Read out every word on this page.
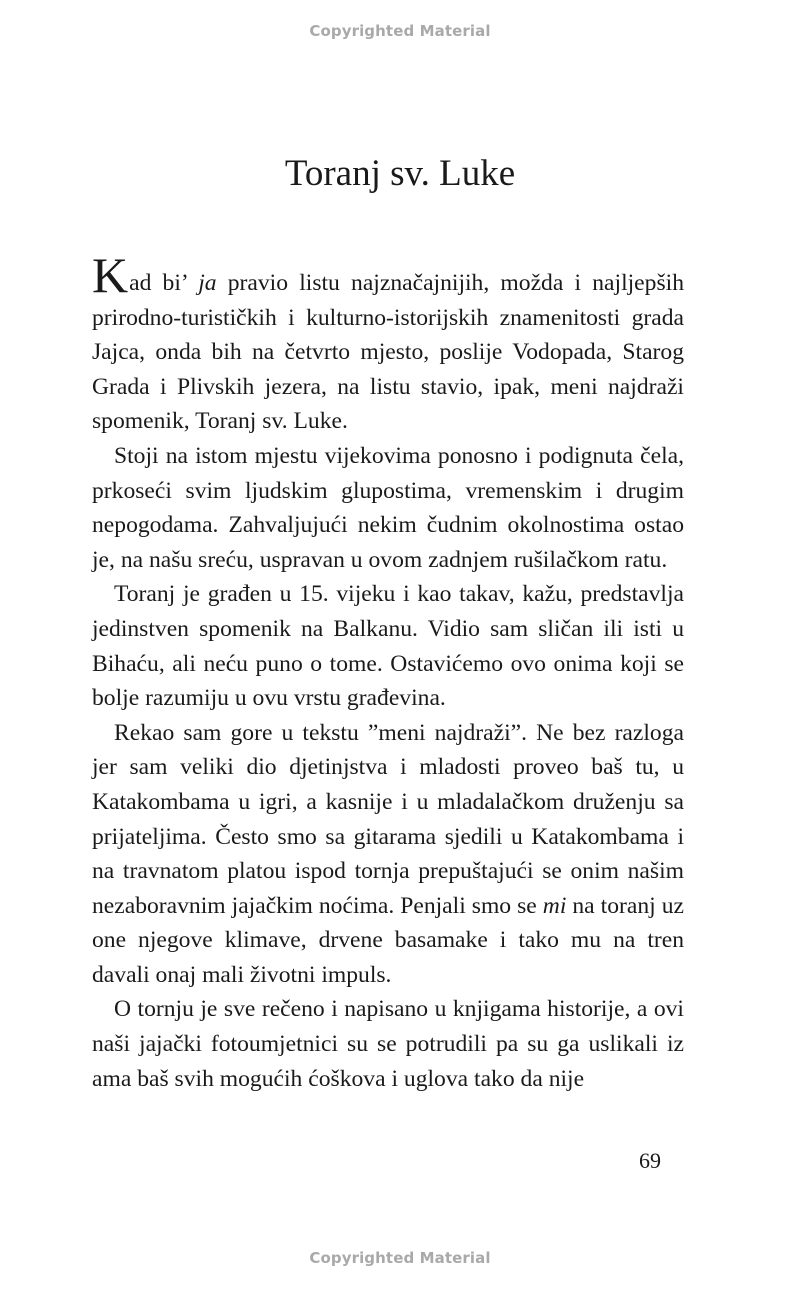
Copyrighted Material
Toranj sv. Luke

Kad bi’ ja pravio listu najznačajnijih, možda i najljepših prirodno-turističkih i kulturno-istorijskih znamenitosti grada Jajca, onda bih na četvrto mjesto, poslije Vodopada, Starog Grada i Plivskih jezera, na listu stavio, ipak, meni najdraži spomenik, Toranj sv. Luke.

Stoji na istom mjestu vijekovima ponosno i podignuta čela, prkoseći svim ljudskim glupostima, vremenskim i drugim nepogodama. Zahvaljujući nekim čudnim okolnostima ostao je, na našu sreću, uspravan u ovom zadnjem rušilačkom ratu.

Toranj je građen u 15. vijeku i kao takav, kažu, predstavlja jedinstven spomenik na Balkanu. Vidio sam sličan ili isti u Bihaću, ali neću puno o tome. Ostavićemo ovo onima koji se bolje razumiju u ovu vrstu građevina.

Rekao sam gore u tekstu ”meni najdraži”. Ne bez razloga jer sam veliki dio djetinjstva i mladosti proveo baš tu, u Katakombama u igri, a kasnije i u mladalačkom druženju sa prijateljima. Često smo sa gitarama sjedili u Katakombama i na travnatom platou ispod tornja prepuštajući se onim našim nezaboravnim jajačkim noćima. Penjali smo se mi na toranj uz one njegove klimave, drvene basamake i tako mu na tren davali onaj mali životni impuls.

O tornju je sve rečeno i napisano u knjigama historije, a ovi naši jajački fotoumjetnici su se potrudili pa su ga uslikali iz ama baš svih mogućih ćoškova i uglova tako da nije

69
Copyrighted Material
